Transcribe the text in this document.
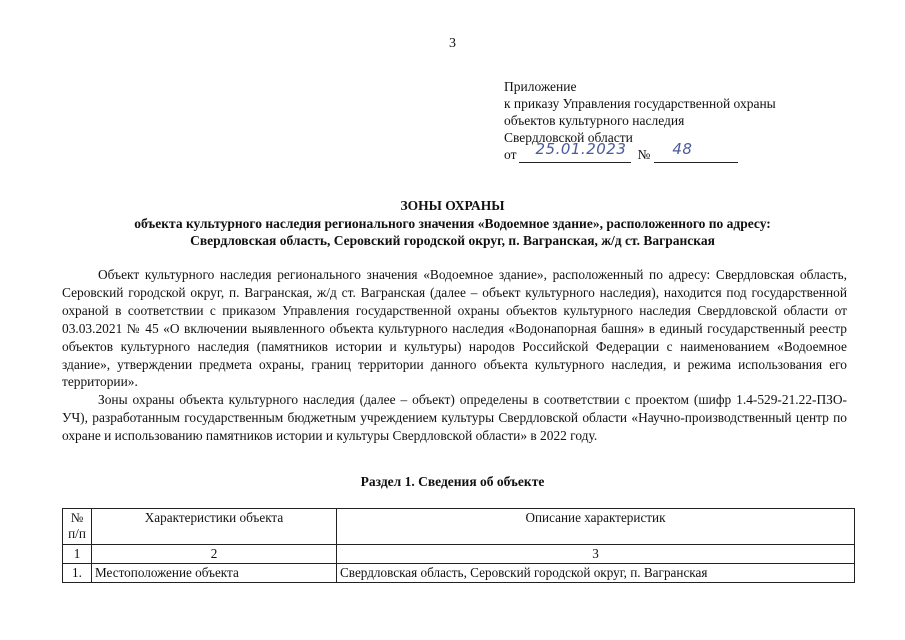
3
Приложение
к приказу Управления государственной охраны
объектов культурного наследия
Свердловской области
от 25.01.2023 № 48
ЗОНЫ ОХРАНЫ
объекта культурного наследия регионального значения «Водоемное здание», расположенного по адресу:
Свердловская область, Серовский городской округ, п. Вагранская, ж/д ст. Вагранская

Объект культурного наследия регионального значения «Водоемное здание», расположенный по адресу: Свердловская область, Серовский городской округ, п. Вагранская, ж/д ст. Вагранская (далее – объект культурного наследия), находится под государственной охраной в соответствии с приказом Управления государственной охраны объектов культурного наследия Свердловской области от 03.03.2021 № 45 «О включении выявленного объекта культурного наследия «Водонапорная башня» в единый государственный реестр объектов культурного наследия (памятников истории и культуры) народов Российской Федерации с наименованием «Водоемное здание», утверждении предмета охраны, границ территории данного объекта культурного наследия, и режима использования его территории».

Зоны охраны объекта культурного наследия (далее – объект) определены в соответствии с проектом (шифр 1.4-529-21.22-ПЗО-УЧ), разработанным государственным бюджетным учреждением культуры Свердловской области «Научно-производственный центр по охране и использованию памятников истории и культуры Свердловской области» в 2022 году.

Раздел 1. Сведения об объекте
№ п/п	Характеристики объекта	Описание характеристик
1	2	3
1.	Местоположение объекта	Свердловская область, Серовский городской округ, п. Вагранская
